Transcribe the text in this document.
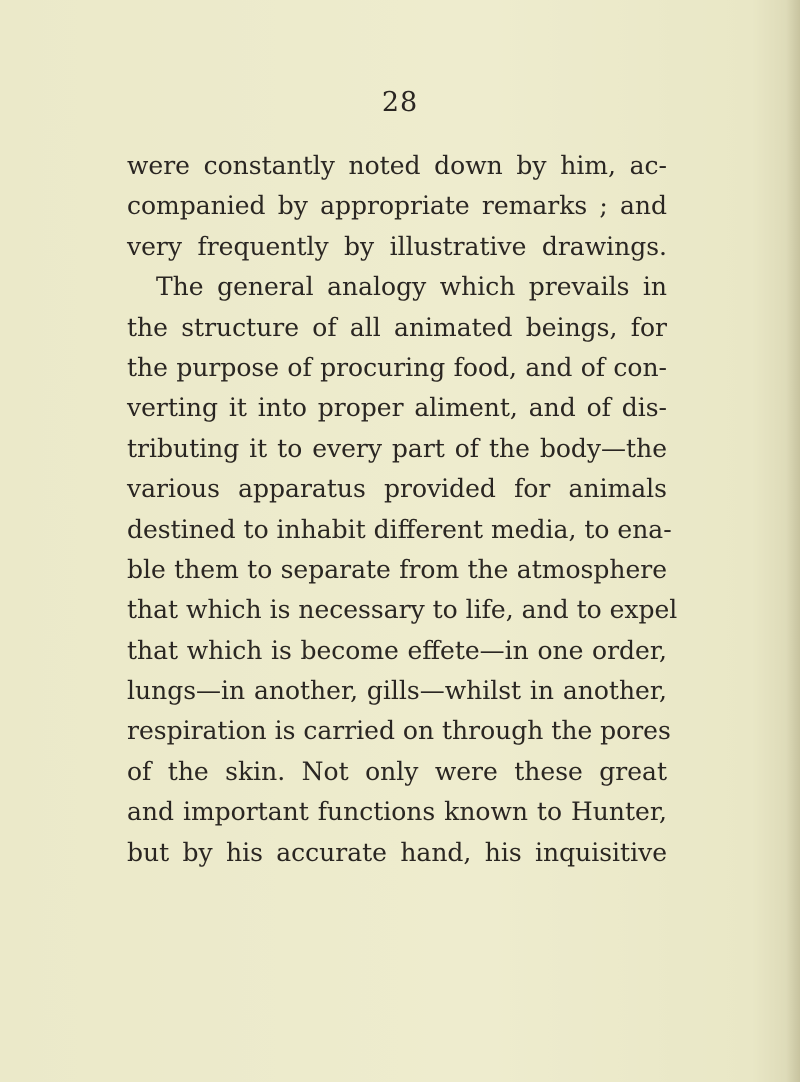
28
were constantly noted down by him, ac-
companied by appropriate remarks ; and
very frequently by illustrative drawings.
The general analogy which prevails in
the structure of all animated beings, for
the purpose of procuring food, and of con-
verting it into proper aliment, and of dis-
tributing it to every part of the body—the
various apparatus provided for animals
destined to inhabit different media, to ena-
ble them to separate from the atmosphere
that which is necessary to life, and to expel
that which is become effete—in one order,
lungs—in another, gills—whilst in another,
respiration is carried on through the pores
of the skin. Not only were these great
and important functions known to Hunter,
but by his accurate hand, his inquisitive
